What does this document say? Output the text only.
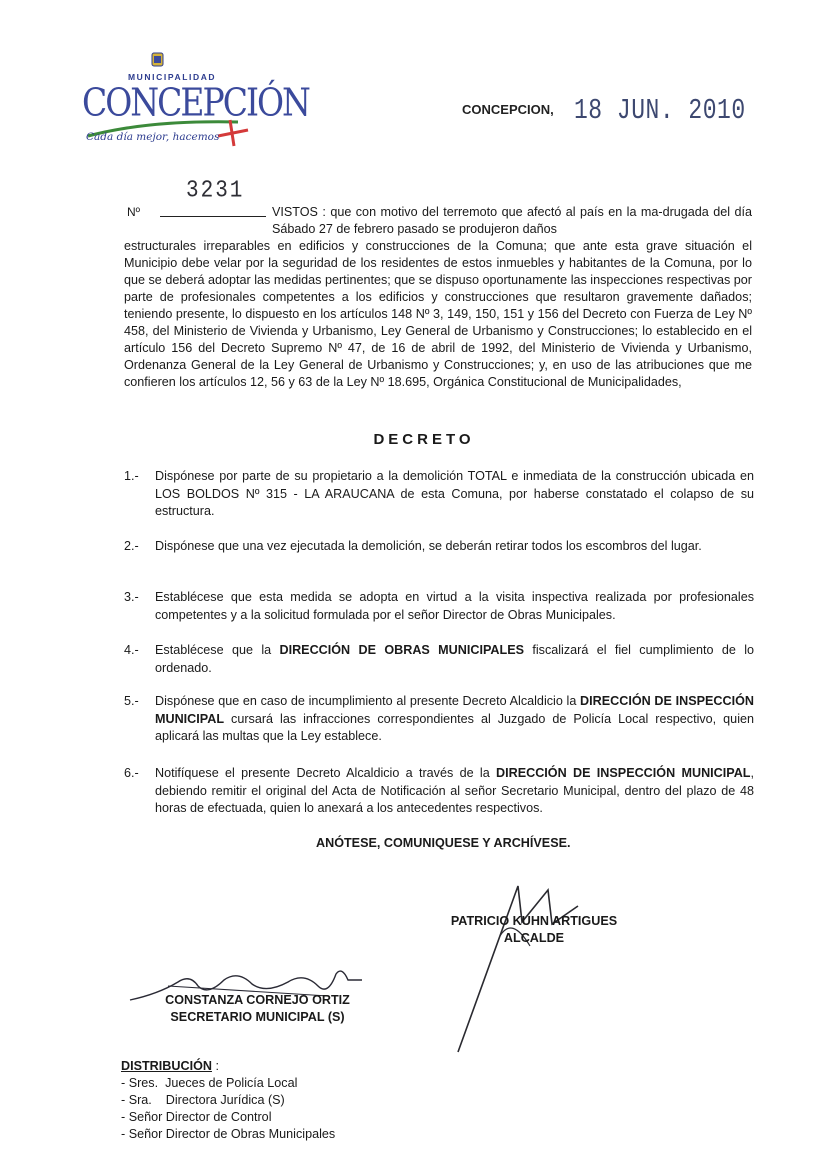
MUNICIPALIDAD
CONCEPCIÓN
Cada día mejor, hacemos
CONCEPCION, 18 JUN. 2010
3231
Nº	VISTOS : que con motivo del terremoto que afectó al país en la ma-drugada del día Sábado 27 de febrero pasado se produjeron daños
estructurales irreparables en edificios y construcciones de la Comuna; que ante esta grave situación el Municipio debe velar por la seguridad de los residentes de estos inmuebles y habitantes de la Comuna, por lo que se deberá adoptar las medidas pertinentes; que se dispuso oportunamente las inspecciones respectivas por parte de profesionales competentes a los edificios y construcciones que resultaron gravemente dañados; teniendo presente, lo dispuesto en los artículos 148 Nº 3, 149, 150, 151 y 156 del Decreto con Fuerza de Ley Nº 458, del Ministerio de Vivienda y Urbanismo, Ley General de Urbanismo y Construcciones; lo establecido en el artículo 156 del Decreto Supremo Nº 47, de 16 de abril de 1992, del Ministerio de Vivienda y Urbanismo, Ordenanza General de la Ley General de Urbanismo y Construcciones; y, en uso de las atribuciones que me confieren los artículos 12, 56 y 63 de la Ley Nº 18.695, Orgánica Constitucional de Municipalidades,
DECRETO
1.-	Dispónese por parte de su propietario a la demolición TOTAL e inmediata de la construcción ubicada en LOS BOLDOS Nº 315 - LA ARAUCANA de esta Comuna, por haberse constatado el colapso de su estructura.
2.-	Dispónese que una vez ejecutada la demolición, se deberán retirar todos los escombros del lugar.
3.-	Establécese que esta medida se adopta en virtud a la visita inspectiva realizada por profesionales competentes y a la solicitud formulada por el señor Director de Obras Municipales.
4.-	Establécese que la DIRECCIÓN DE OBRAS MUNICIPALES fiscalizará el fiel cumplimiento de lo ordenado.
5.-	Dispónese que en caso de incumplimiento al presente Decreto Alcaldicio la DIRECCIÓN DE INSPECCIÓN MUNICIPAL cursará las infracciones correspondientes al Juzgado de Policía Local respectivo, quien aplicará las multas que la Ley establece.
6.-	Notifíquese el presente Decreto Alcaldicio a través de la DIRECCIÓN DE INSPECCIÓN MUNICIPAL, debiendo remitir el original del Acta de Notificación al señor Secretario Municipal, dentro del plazo de 48 horas de efectuada, quien lo anexará a los antecedentes respectivos.
ANÓTESE, COMUNIQUESE Y ARCHÍVESE.
PATRICIO KUHN ARTIGUES
ALCALDE
CONSTANZA CORNEJO ORTIZ
SECRETARIO MUNICIPAL (S)
DISTRIBUCIÓN :
- Sres.  Jueces de Policía Local
- Sra.    Directora Jurídica (S)
- Señor Director de Control
- Señor Director de Obras Municipales
